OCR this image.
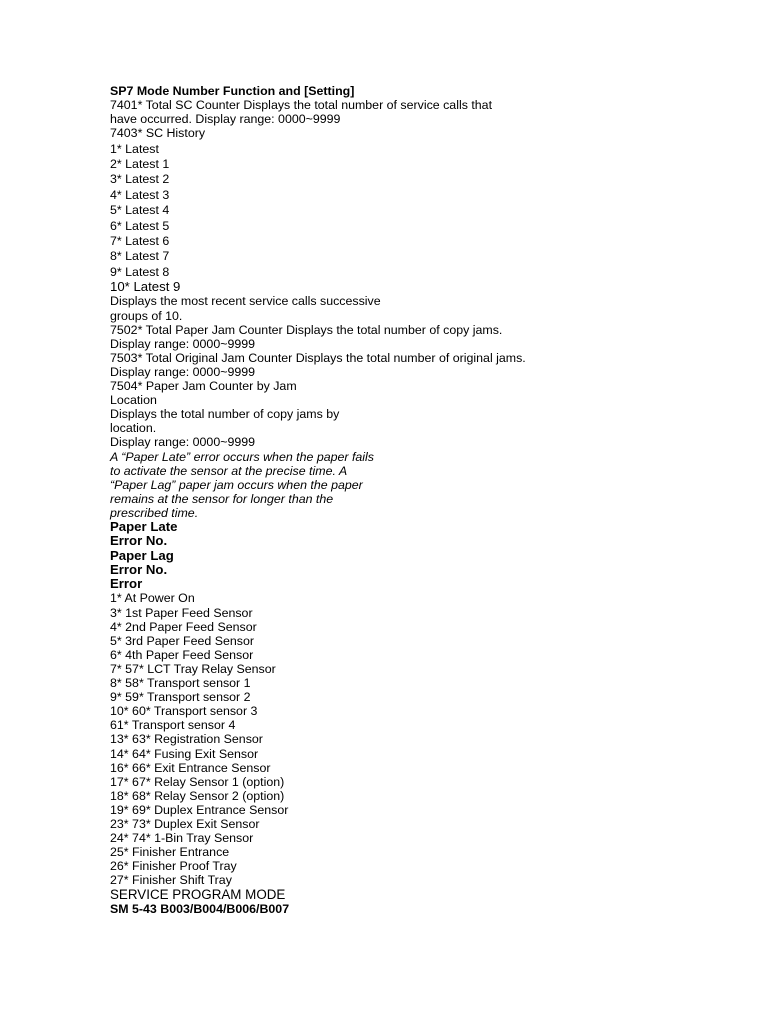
SP7 Mode Number Function and [Setting]
7401* Total SC Counter Displays the total number of service calls that
have occurred. Display range: 0000~9999
7403* SC History
1* Latest
2* Latest 1
3* Latest 2
4* Latest 3
5* Latest 4
6* Latest 5
7* Latest 6
8* Latest 7
9* Latest 8
10* Latest 9
Displays the most recent service calls successive
groups of 10.
7502* Total Paper Jam Counter Displays the total number of copy jams.
Display range: 0000~9999
7503* Total Original Jam Counter Displays the total number of original jams.
Display range: 0000~9999
7504* Paper Jam Counter by Jam
Location
Displays the total number of copy jams by
location.
Display range: 0000~9999
A “Paper Late” error occurs when the paper fails
to activate the sensor at the precise time. A
“Paper Lag” paper jam occurs when the paper
remains at the sensor for longer than the
prescribed time.
Paper Late
Error No.
Paper Lag
Error No.
Error
1* At Power On
3* 1st Paper Feed Sensor
4* 2nd Paper Feed Sensor
5* 3rd Paper Feed Sensor
6* 4th Paper Feed Sensor
7* 57* LCT Tray Relay Sensor
8* 58* Transport sensor 1
9* 59* Transport sensor 2
10* 60* Transport sensor 3
61* Transport sensor 4
13* 63* Registration Sensor
14* 64* Fusing Exit Sensor
16* 66* Exit Entrance Sensor
17* 67* Relay Sensor 1 (option)
18* 68* Relay Sensor 2 (option)
19* 69* Duplex Entrance Sensor
23* 73* Duplex Exit Sensor
24* 74* 1-Bin Tray Sensor
25* Finisher Entrance
26* Finisher Proof Tray
27* Finisher Shift Tray
SERVICE PROGRAM MODE
SM 5-43 B003/B004/B006/B007
